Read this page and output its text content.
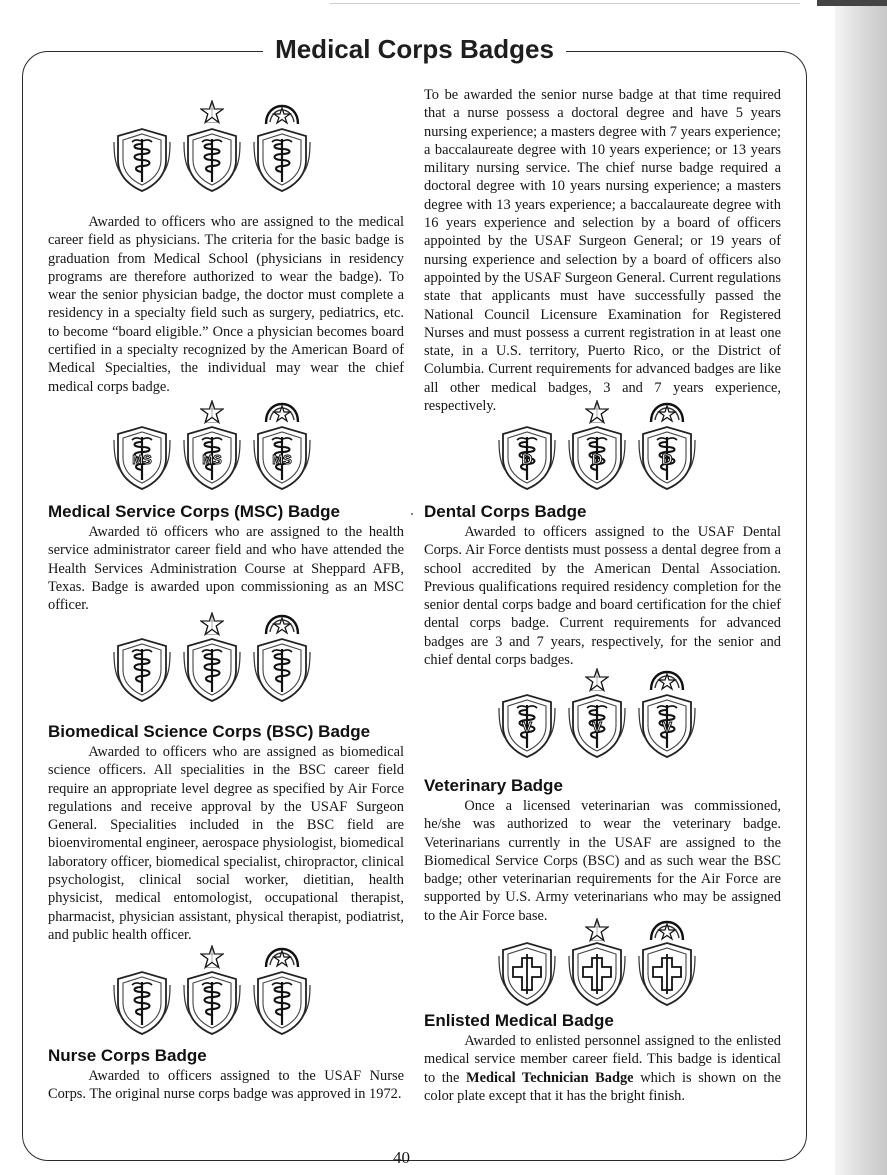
Medical Corps Badges

Awarded to officers who are assigned to the medical career field as physicians. The criteria for the basic badge is graduation from Medical School (physicians in residency programs are therefore authorized to wear the badge). To wear the senior physician badge, the doctor must complete a residency in a specialty field such as surgery, pediatrics, etc. to become “board eligible.” Once a physician becomes board certified in a specialty recognized by the American Board of Medical Specialties, the individual may wear the chief medical corps badge.

MS	MS	MS
Medical Service Corps (MSC) Badge

Awarded tö officers who are assigned to the health service administrator career field and who have attended the Health Services Administration Course at Sheppard AFB, Texas. Badge is awarded upon commissioning as an MSC officer.

Biomedical Science Corps (BSC) Badge

Awarded to officers who are assigned as biomedical science officers. All specialities in the BSC career field require an appropriate level degree as specified by Air Force regulations and receive approval by the USAF Surgeon General. Specialities included in the BSC field are bioenviromental engineer, aerospace physiologist, biomedical laboratory officer, biomedical specialist, chiropractor, clinical psychologist, clinical social worker, dietitian, health physicist, medical entomologist, occupational therapist, pharmacist, physician assistant, physical therapist, podiatrist, and public health officer.

Nurse Corps Badge

Awarded to officers assigned to the USAF Nurse Corps. The original nurse corps badge was approved in 1972.

To be awarded the senior nurse badge at that time required that a nurse possess a doctoral degree and have 5 years nursing experience; a masters degree with 7 years experience; a baccalaureate degree with 10 years experience; or 13 years military nursing service. The chief nurse badge required a doctoral degree with 10 years nursing experience; a masters degree with 13 years experience; a baccalaureate degree with 16 years experience and selection by a board of officers appointed by the USAF Surgeon General; or 19 years of nursing experience and selection by a board of officers also appointed by the USAF Surgeon General. Current regulations state that applicants must have successfully passed the National Council Licensure Examination for Registered Nurses and must possess a current registration in at least one state, in a U.S. territory, Puerto Rico, or the District of Columbia. Current requirements for advanced badges are like all other medical badges, 3 and 7 years experience, respectively.

D	D	D
Dental Corps Badge

Awarded to officers assigned to the USAF Dental Corps. Air Force dentists must possess a dental degree from a school accredited by the American Dental Association. Previous qualifications required residency completion for the senior dental corps badge and board certification for the chief dental corps badge. Current requirements for advanced badges are 3 and 7 years, respectively, for the senior and chief dental corps badges.

V	V	V
Veterinary Badge

Once a licensed veterinarian was commissioned, he/she was authorized to wear the veterinary badge. Veterinarians currently in the USAF are assigned to the Biomedical Service Corps (BSC) and as such wear the BSC badge; other veterinarian requirements for the Air Force are supported by U.S. Army veterinarians who may be assigned to the Air Force base.

Enlisted Medical Badge

Awarded to enlisted personnel assigned to the enlisted medical service member career field. This badge is identical to the Medical Technician Badge which is shown on the color plate except that it has the bright finish.

40
